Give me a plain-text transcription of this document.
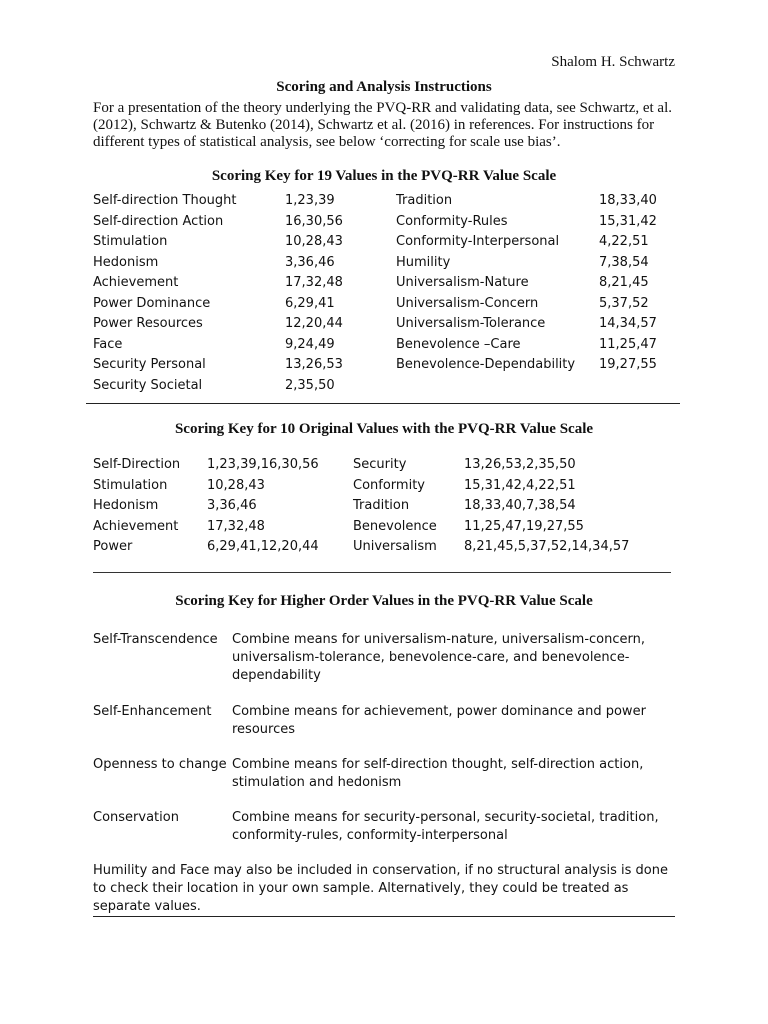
Shalom H. Schwartz
Scoring and Analysis Instructions
For a presentation of the theory underlying the PVQ-RR and validating data, see Schwartz, et al. (2012), Schwartz & Butenko (2014), Schwartz et al. (2016) in references. For instructions for different types of statistical analysis, see below ‘correcting for scale use bias’.
Scoring Key for 19 Values in the PVQ-RR Value Scale
Self-direction Thought	1,23,39
Self-direction Action	16,30,56
Stimulation	10,28,43
Hedonism	3,36,46
Achievement	17,32,48
Power Dominance	6,29,41
Power Resources	12,20,44
Face	9,24,49
Security Personal	13,26,53
Security Societal	2,35,50
Tradition	18,33,40
Conformity-Rules	15,31,42
Conformity-Interpersonal	4,22,51
Humility	7,38,54
Universalism-Nature	8,21,45
Universalism-Concern	5,37,52
Universalism-Tolerance	14,34,57
Benevolence –Care	11,25,47
Benevolence-Dependability 19,27,55
Scoring Key for 10 Original Values with the PVQ-RR Value Scale
Self-Direction 1,23,39,16,30,56
Stimulation	10,28,43
Hedonism	3,36,46
Achievement 17,32,48
Power	6,29,41,12,20,44
Security	13,26,53,2,35,50
Conformity	15,31,42,4,22,51
Tradition	18,33,40,7,38,54
Benevolence 11,25,47,19,27,55
Universalism 8,21,45,5,37,52,14,34,57
Scoring Key for Higher Order Values in the PVQ-RR Value Scale
Self-Transcendence Combine means for universalism-nature, universalism-concern, universalism-tolerance, benevolence-care, and benevolence-dependability
Self-Enhancement Combine means for achievement, power dominance and power resources
Openness to change Combine means for self-direction thought, self-direction action, stimulation and hedonism
Conservation	Combine means for security-personal, security-societal, tradition, conformity-rules, conformity-interpersonal
Humility and Face may also be included in conservation, if no structural analysis is done to check their location in your own sample. Alternatively, they could be treated as separate values.
